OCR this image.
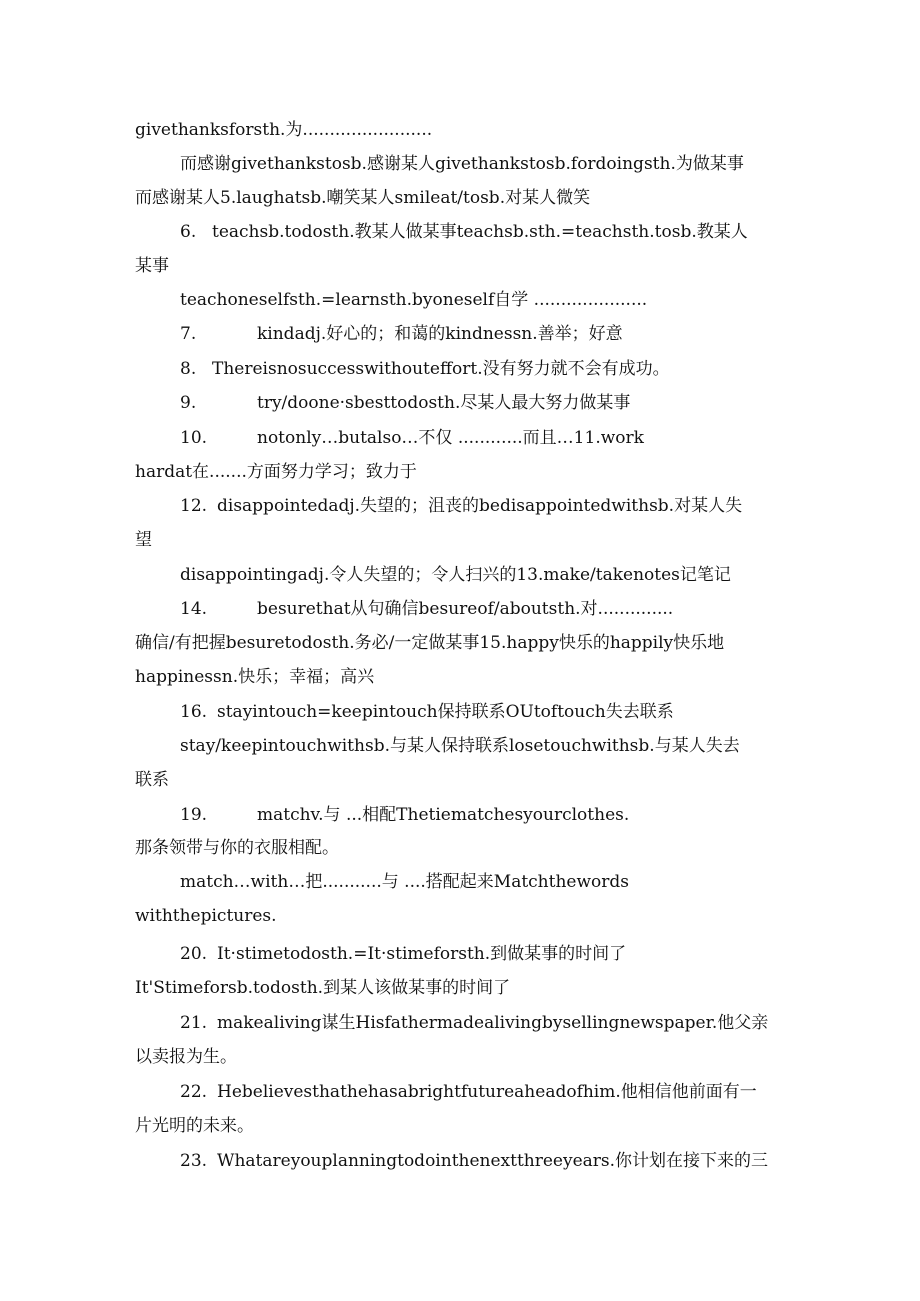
givethanksforsth.为........................
而感谢givethankstosb.感谢某人givethankstosb.fordoingsth.为做某事
而感谢某人5.laughatsb.嘲笑某人smileat/tosb.对某人微笑
6. teachsb.todosth.教某人做某事teachsb.sth.=teachsth.tosb.教某人
某事
teachoneselfsth.=learnsth.byoneself自学 .....................
7.	kindadj.好心的；和蔼的kindnessn.善举；好意
8. Thereisnosuccesswithouteffort.没有努力就不会有成功。
9.	try/doone·sbesttodosth.尽某人最大努力做某事
10.	notonly…butalso…不仅 ............而且…11.work
hardat在.......方面努力学习；致力于
12. disappointedadj.失望的；沮丧的bedisappointedwithsb.对某人失
望
disappointingadj.令人失望的；令人扫兴的13.make/takenotes记笔记
14.	besurethat从句确信besureof/aboutsth.对..............
确信/有把握besuretodosth.务必/一定做某事15.happy快乐的happily快乐地
happinessn.快乐；幸福；高兴
16. stayintouch=keepintouch保持联系OUtoftouch失去联系
stay/keepintouchwithsb.与某人保持联系losetouchwithsb.与某人失去
联系
19.	matchv.与 ...相配Thetiematchesyourclothes.
那条领带与你的衣服相配。
match…with…把...........与 ....搭配起来Matchthewords
withthepictures.
20. It·stimetodosth.=It·stimeforsth.到做某事的时间了
It'Stimeforsb.todosth.到某人该做某事的时间了
21. makealiving谋生Hisfathermadealivingbysellingnewspaper.他父亲
以卖报为生。
22. Hebelievesthathehasabrightfutureaheadofhim.他相信他前面有一
片光明的未来。
23. Whatareyouplanningtodointhenextthreeyears.你计划在接下来的三
